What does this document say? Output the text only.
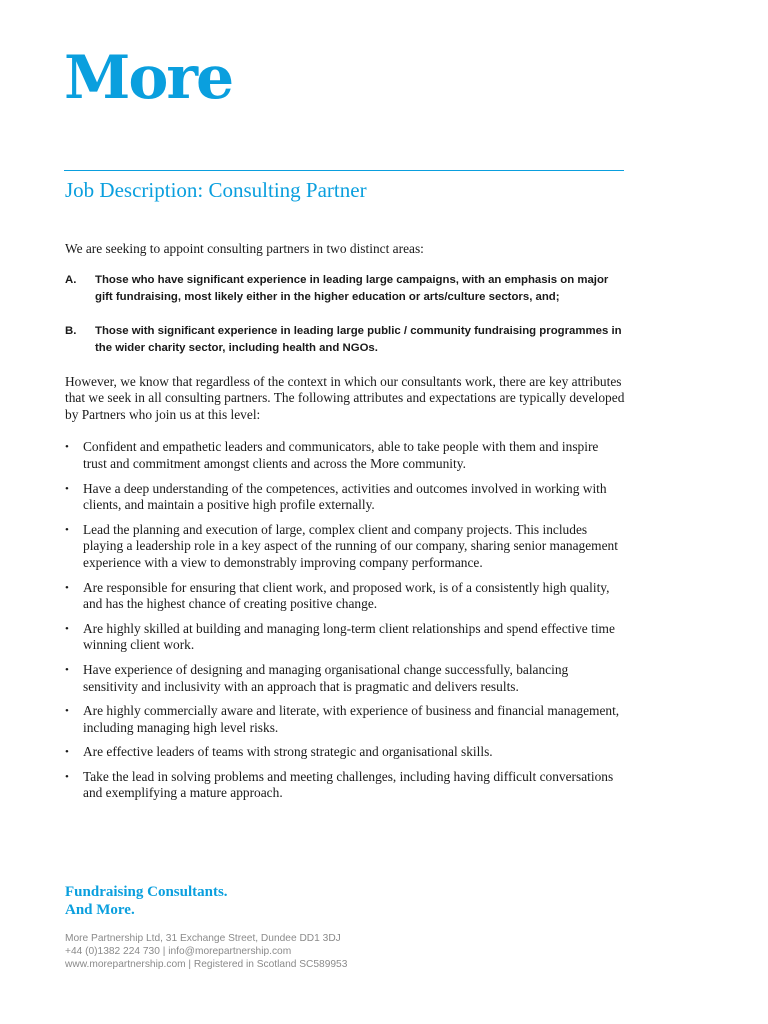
More
Job Description: Consulting Partner

We are seeking to appoint consulting partners in two distinct areas:

A.	Those who have significant experience in leading large campaigns, with an emphasis on major gift fundraising, most likely either in the higher education or arts/culture sectors, and;
B.	Those with significant experience in leading large public / community fundraising programmes in the wider charity sector, including health and NGOs.

However, we know that regardless of the context in which our consultants work, there are key attributes that we seek in all consulting partners. The following attributes and expectations are typically developed by Partners who join us at this level:

•	Confident and empathetic leaders and communicators, able to take people with them and inspire trust and commitment amongst clients and across the More community.
•	Have a deep understanding of the competences, activities and outcomes involved in working with clients, and maintain a positive high profile externally.
•	Lead the planning and execution of large, complex client and company projects. This includes playing a leadership role in a key aspect of the running of our company, sharing senior management experience with a view to demonstrably improving company performance.
•	Are responsible for ensuring that client work, and proposed work, is of a consistently high quality, and has the highest chance of creating positive change.
•	Are highly skilled at building and managing long-term client relationships and spend effective time winning client work.
•	Have experience of designing and managing organisational change successfully, balancing sensitivity and inclusivity with an approach that is pragmatic and delivers results.
•	Are highly commercially aware and literate, with experience of business and financial management, including managing high level risks.
•	Are effective leaders of teams with strong strategic and organisational skills.
•	Take the lead in solving problems and meeting challenges, including having difficult conversations and exemplifying a mature approach.
Fundraising Consultants.
And More.
More Partnership Ltd, 31 Exchange Street, Dundee DD1 3DJ
+44 (0)1382 224 730 | info@morepartnership.com
www.morepartnership.com | Registered in Scotland SC589953
